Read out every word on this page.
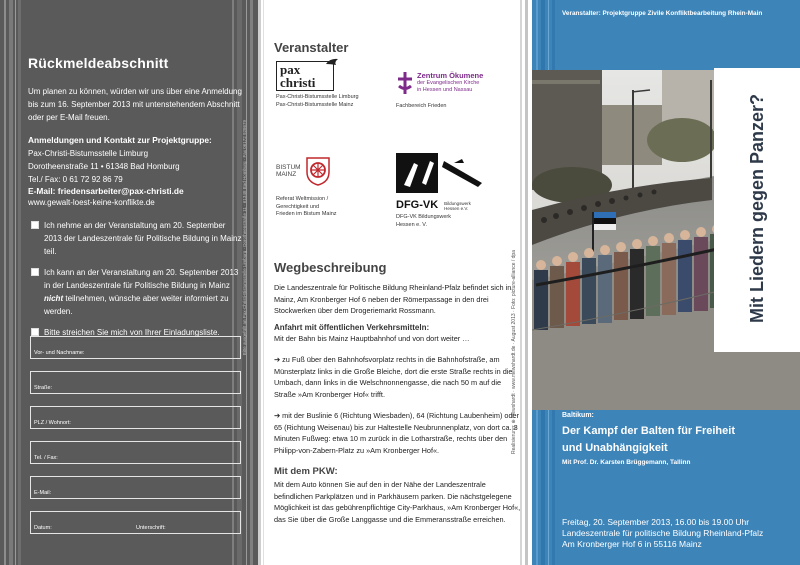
Rückmeldeabschnitt

Um planen zu können, würden wir uns über eine Anmeldung bis zum 16. September 2013 mit untenstehendem Abschnitt oder per E-Mail freuen.

Anmeldungen und Kontakt zur Projektgruppe:

Pax-Christi-Bistumsstelle Limburg

Dorotheenstraße 11 • 61348 Bad Homburg

Tel./ Fax: 0 61 72 92 86 79

E-Mail: friedensarbeiter@pax-christi.de

www.gewalt-loest-keine-konflikte.de

Ich nehme an der Veranstaltung am 20. September 2013 der Landeszentrale für Politische Bildung in Mainz teil.
Ich kann an der Veranstaltung am 20. September 2013 in der Landeszentrale für Politische Bildung in Mainz nicht teilnehmen, wünsche aber weiter informiert zu werden.
Bitte streichen Sie mich von Ihrer Einladungsliste.
Vor- und Nachname:
Straße:
PLZ / Wohnort:
Tel. / Fax:
E-Mail:
Datum:	Unterschrift:
Bitte ausgefüllt an Pax-Christi-Bistumsstelle Limburg · Dorotheenstraße 11 · 61348 Bad Homburg · Fax 06172 928679
Veranstalter
pax
christi
Pax-Christi-Bistumsstelle Limburg
Pax-Christi-Bistumsstelle Mainz
Zentrum Ökumene
der Evangelischen Kirche
in Hessen und Nassau
Fachbereich Frieden
BISTUM
MAINZ
Referat Weltmission /
Gerechtigkeit und
Frieden im Bistum Mainz
DFG-VK Bildungswerk
Hessen e.V.
DFG-VK Bildungswerk
Hessen e. V.
Wegbeschreibung

Die Landeszentrale für Politische Bildung Rheinland-Pfalz befindet sich in Mainz, Am Kronberger Hof 6 neben der Römerpassage in den drei Stockwerken über dem Drogeriemarkt Rossmann.

Anfahrt mit öffentlichen Verkehrsmitteln:

Mit der Bahn bis Mainz Hauptbahnhof und von dort weiter …

➔ zu Fuß über den Bahnhofsvorplatz rechts in die Bahnhofstraße, am Münsterplatz links in die Große Bleiche, dort die erste Straße rechts in die Umbach, dann links in die Welschnonnengasse, die nach 50 m auf die Straße »Am Kronberger Hof« trifft.

➔ mit der Buslinie 6 (Richtung Wiesbaden), 64 (Richtung Laubenheim) oder 65 (Richtung Weisenau) bis zur Haltestelle Neubrunnenplatz, von dort ca. 3 Minuten Fußweg: etwa 10 m zurück in die Lotharstraße, rechts über den Philipp-von-Zabern-Platz zu »Am Kronberger Hof«.

Mit dem PKW:

Mit dem Auto können Sie auf den in der Nähe der Landeszentrale befindlichen Parkplätzen und in Parkhäusern parken. Die nächstgelegene Möglichkeit ist das gebührenpflichtige City-Parkhaus, »Am Kronberger Hof«, das Sie über die Große Langgasse und die Emmeransstraße erreichen.

Realisierung: ⊕ mewshardt · www.mewshardt.de · August 2013 · Foto: picture-alliance / dpa
Veranstalter: Projektgruppe Zivile Konfliktbearbeitung Rhein-Main
Mit Liedern gegen Panzer?
Baltikum:
Der Kampf der Balten für Freiheit
und Unabhängigkeit
Mit Prof. Dr. Karsten Brüggemann, Tallinn
Freitag, 20. September 2013, 16.00 bis 19.00 Uhr
Landeszentrale für politische Bildung Rheinland-Pfalz
Am Kronberger Hof 6 in 55116 Mainz
